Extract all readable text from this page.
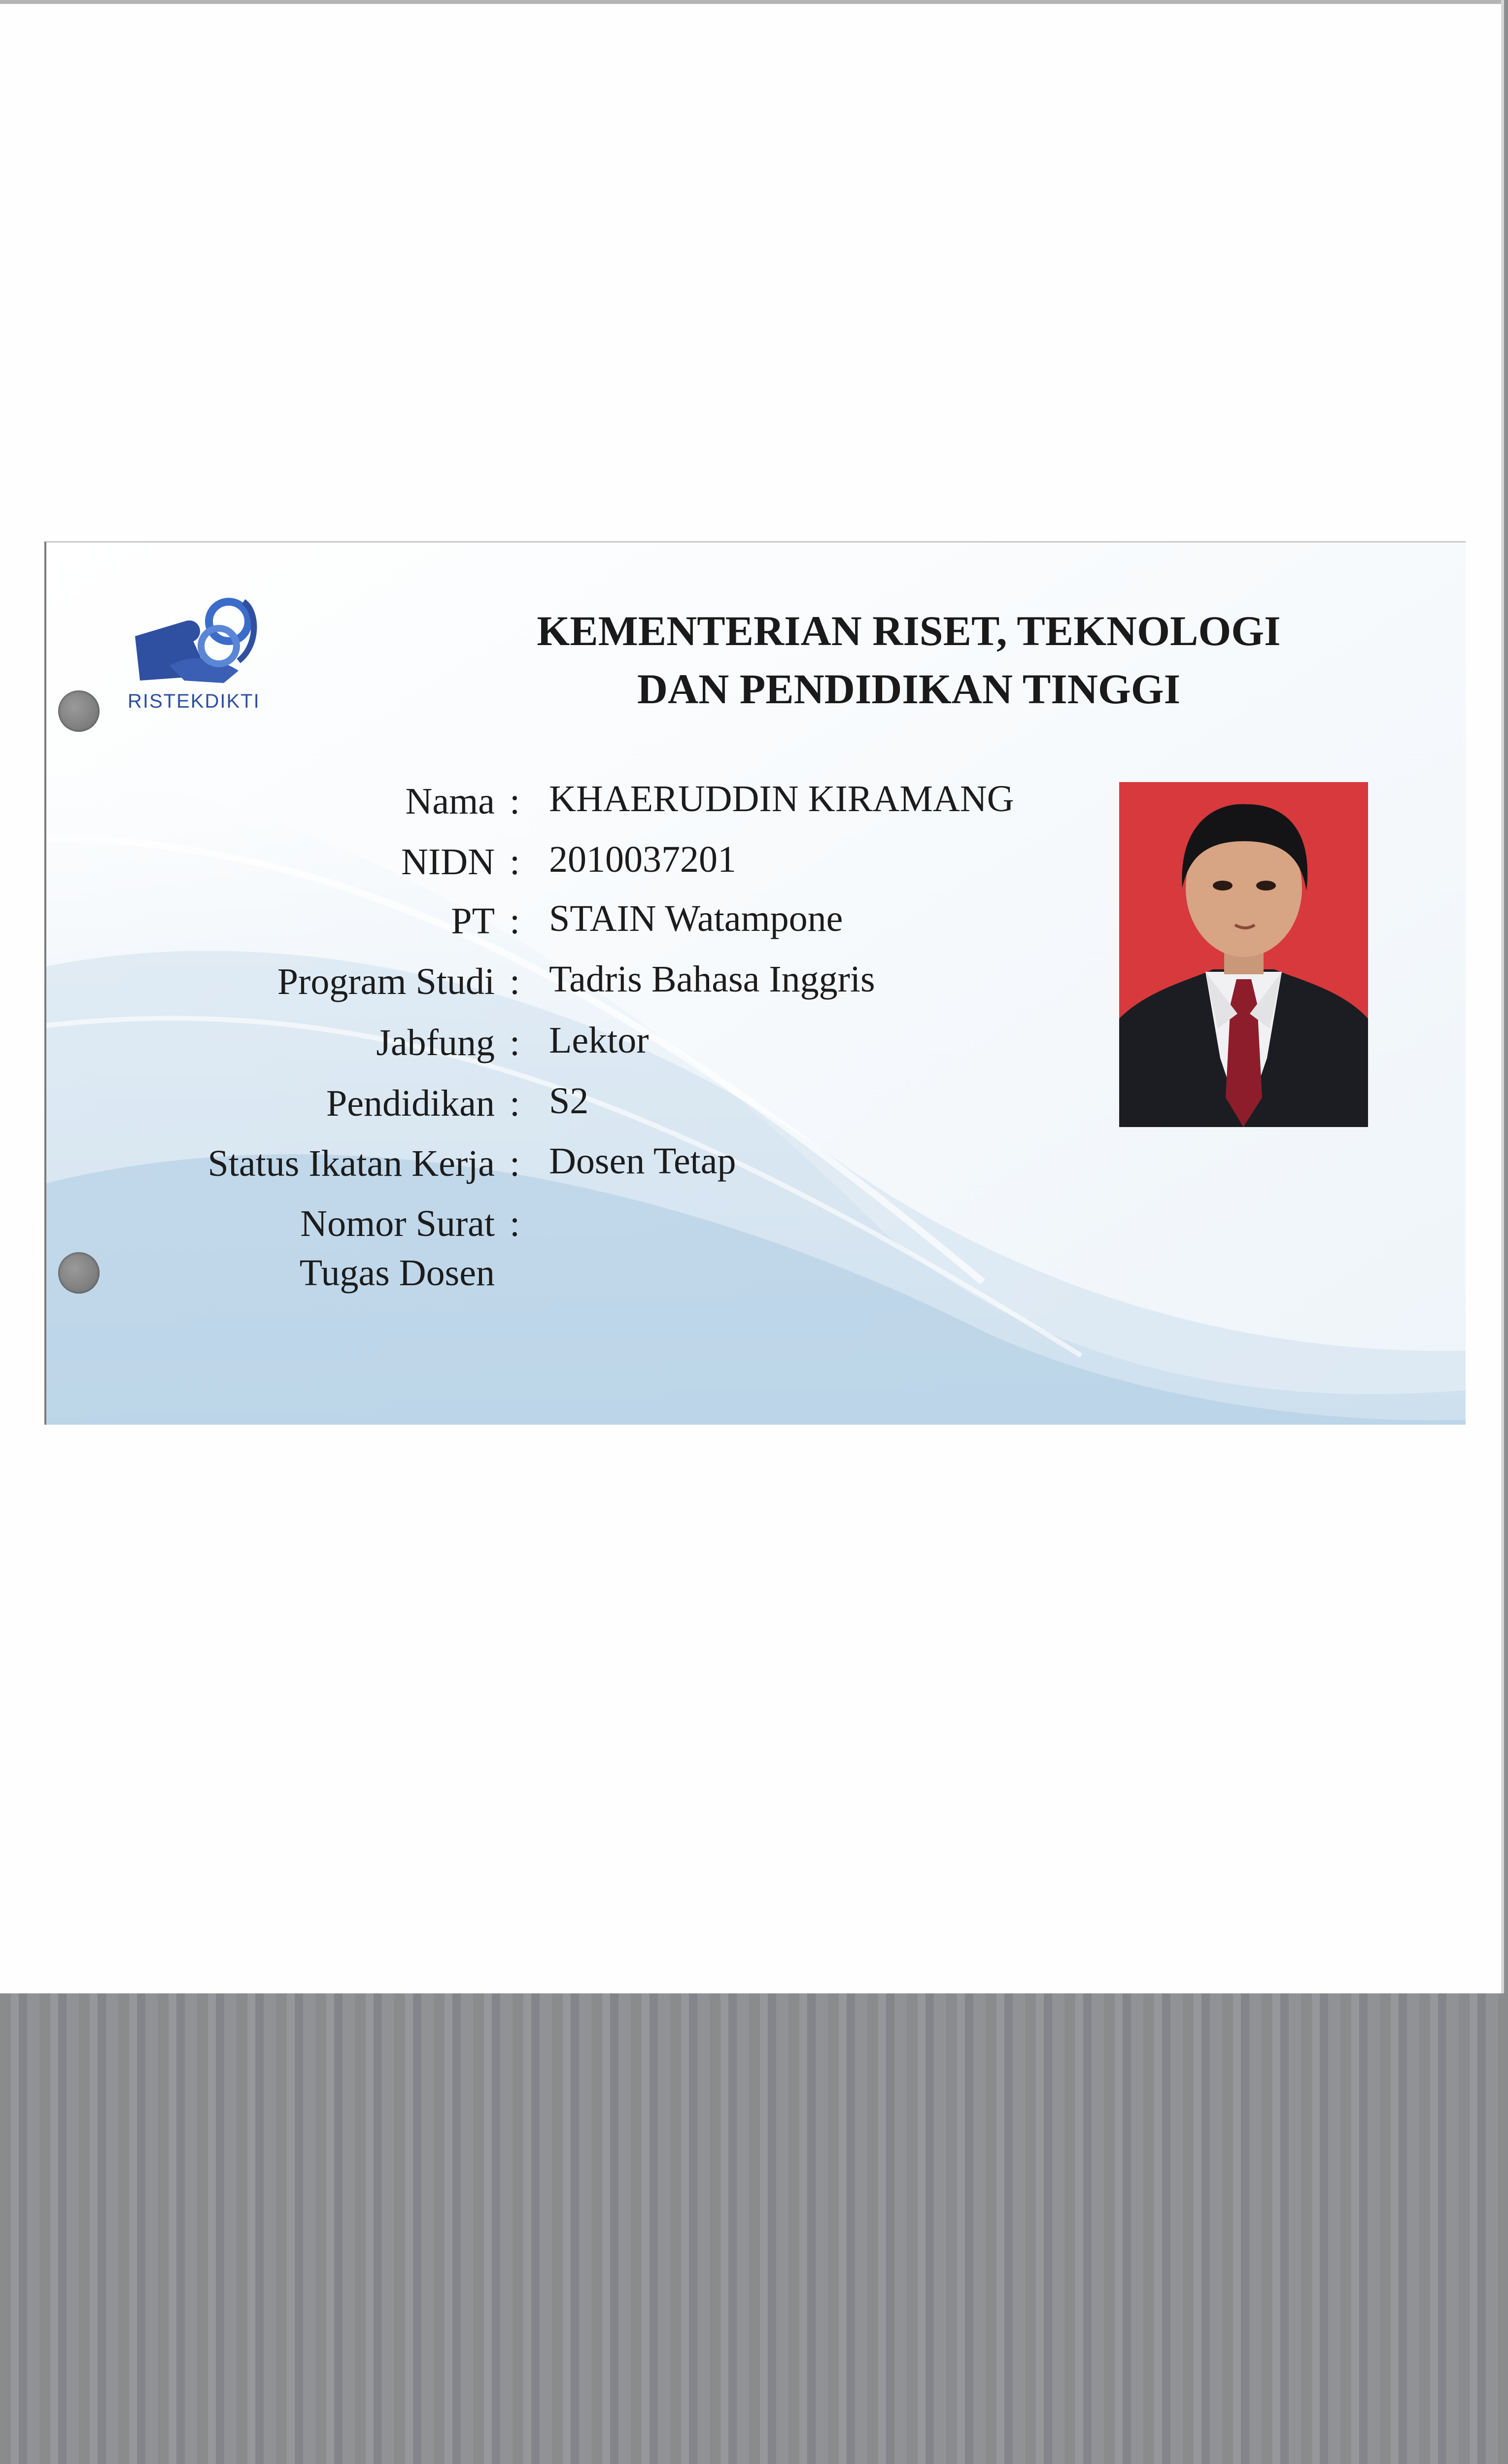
RISTEKDIKTI
KEMENTERIAN RISET, TEKNOLOGI
DAN PENDIDIKAN TINGGI
Nama : KHAERUDDIN KIRAMANG
NIDN : 2010037201
PT : STAIN Watampone
Program Studi : Tadris Bahasa Inggris
Jabfung : Lektor
Pendidikan : S2
Status Ikatan Kerja : Dosen Tetap
Nomor Surat :
Tugas Dosen
